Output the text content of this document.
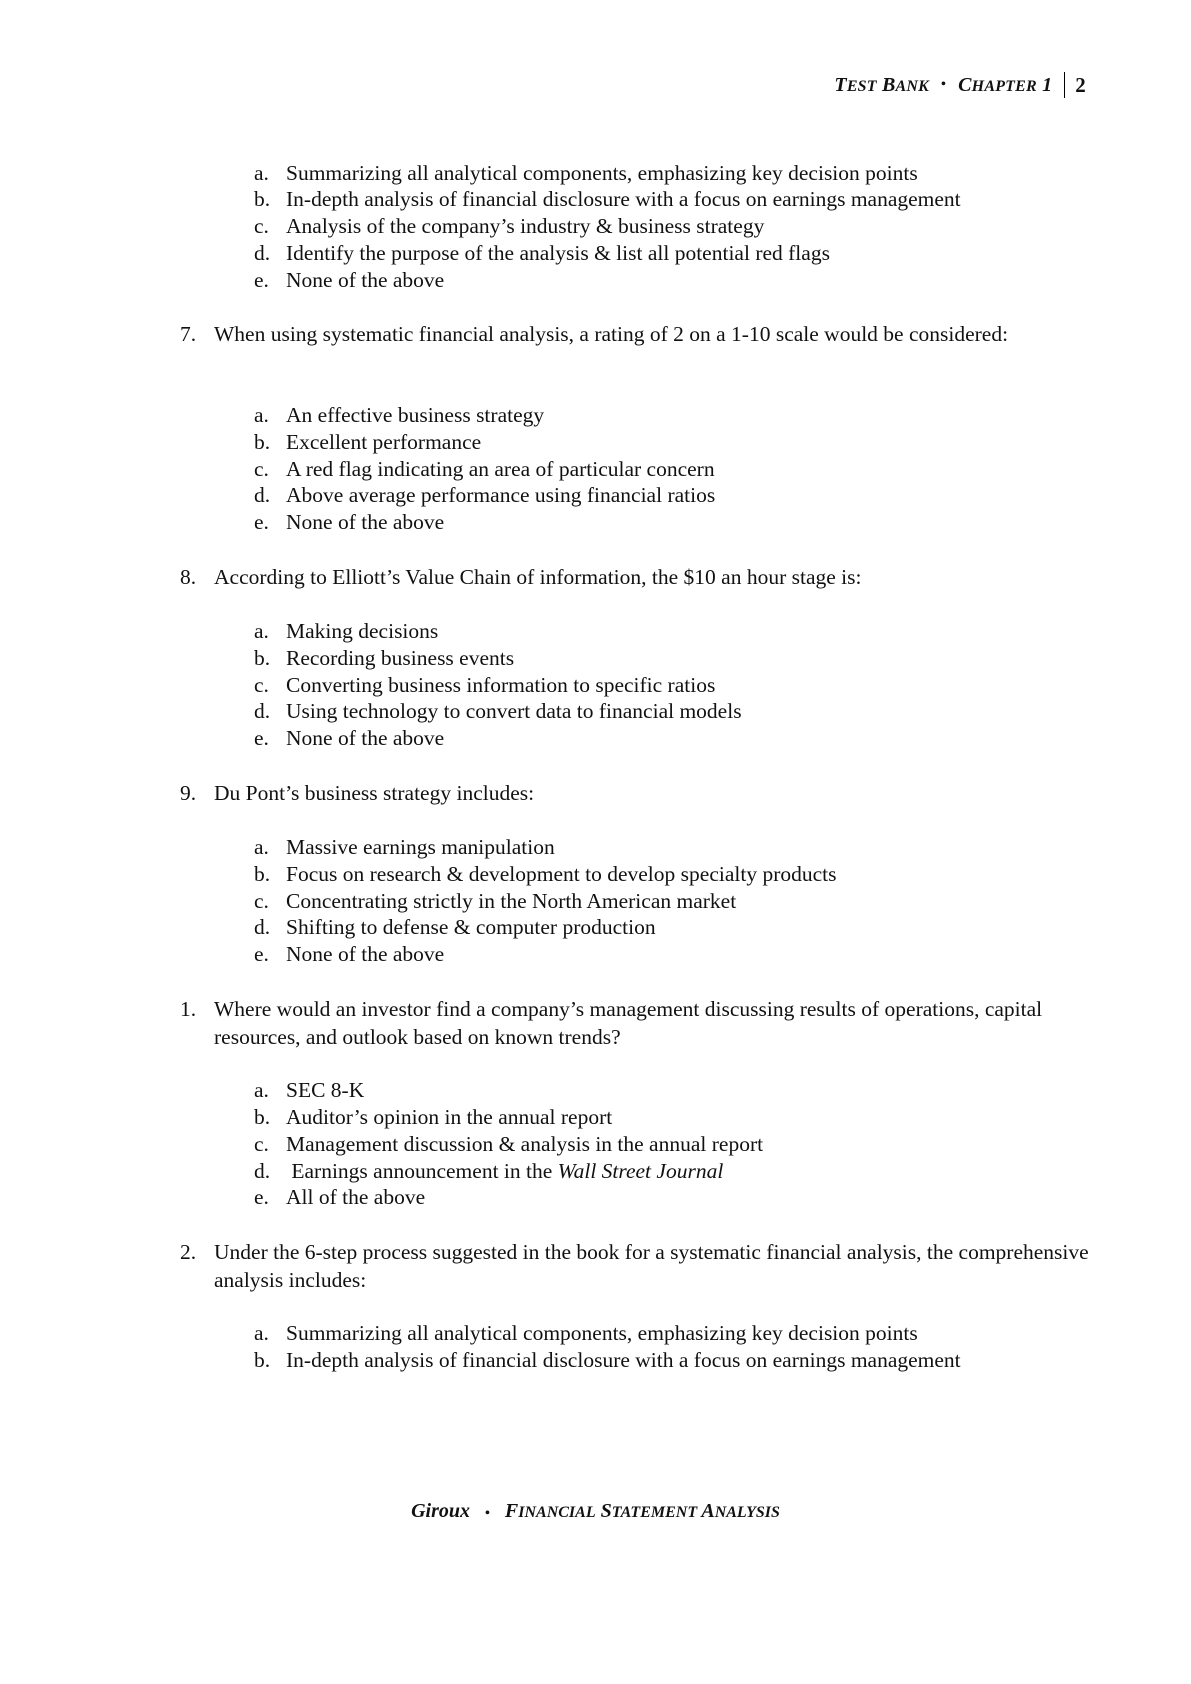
TEST BANK • CHAPTER 1 2
a. Summarizing all analytical components, emphasizing key decision points
b. In-depth analysis of financial disclosure with a focus on earnings management
c. Analysis of the company’s industry & business strategy
d. Identify the purpose of the analysis & list all potential red flags
e. None of the above
7. When using systematic financial analysis, a rating of 2 on a 1-10 scale would be considered:
a. An effective business strategy
b. Excellent performance
c. A red flag indicating an area of particular concern
d. Above average performance using financial ratios
e. None of the above
8. According to Elliott’s Value Chain of information, the $10 an hour stage is:
a. Making decisions
b. Recording business events
c. Converting business information to specific ratios
d. Using technology to convert data to financial models
e. None of the above
9. Du Pont’s business strategy includes:
a. Massive earnings manipulation
b. Focus on research & development to develop specialty products
c. Concentrating strictly in the North American market
d. Shifting to defense & computer production
e. None of the above
1. Where would an investor find a company’s management discussing results of operations, capital resources, and outlook based on known trends?
a. SEC 8-K
b. Auditor’s opinion in the annual report
c. Management discussion & analysis in the annual report
d. Earnings announcement in the Wall Street Journal
e. All of the above
2. Under the 6-step process suggested in the book for a systematic financial analysis, the comprehensive analysis includes:
a. Summarizing all analytical components, emphasizing key decision points
b. In-depth analysis of financial disclosure with a focus on earnings management
Giroux • FINANCIAL STATEMENT ANALYSIS
